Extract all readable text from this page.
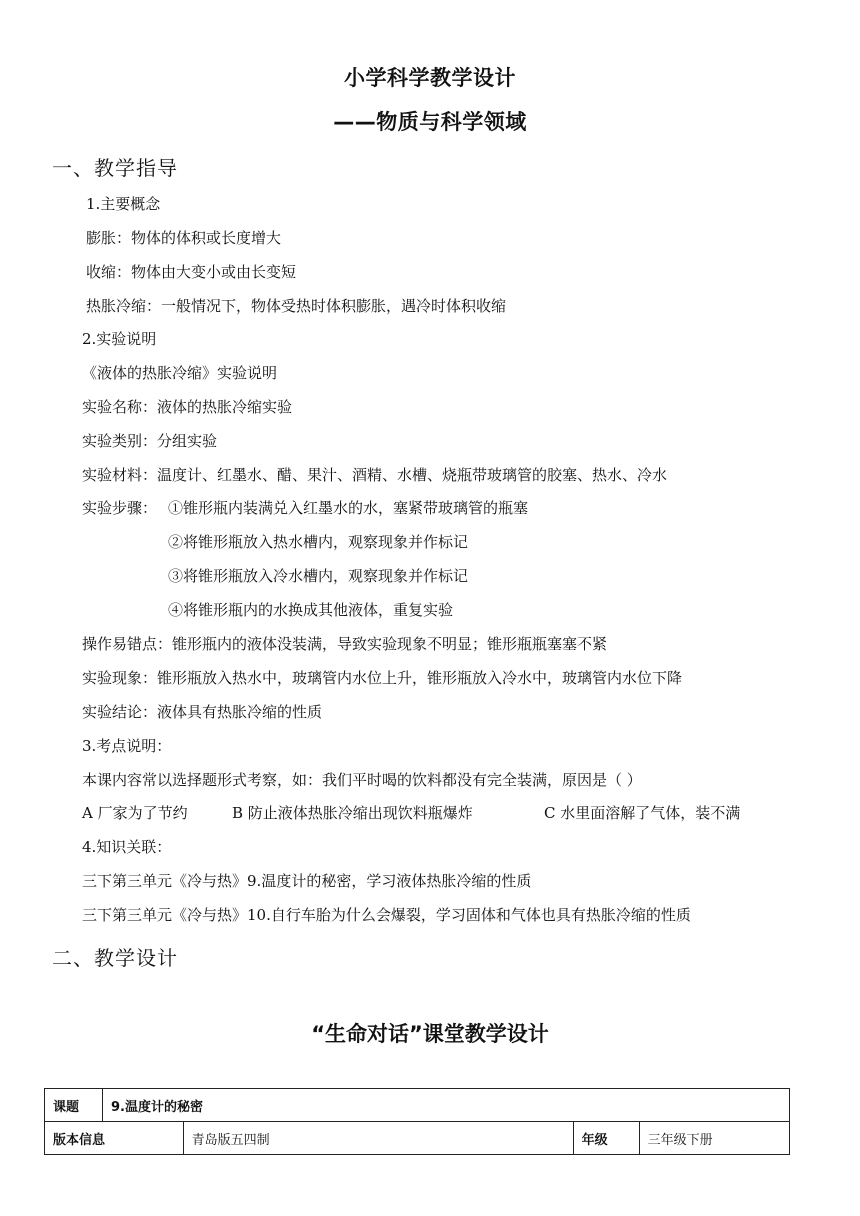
小学科学教学设计
——物质与科学领域
一、教学指导
1.主要概念
膨胀：物体的体积或长度增大
收缩：物体由大变小或由长变短
热胀冷缩：一般情况下，物体受热时体积膨胀，遇冷时体积收缩
2.实验说明
《液体的热胀冷缩》实验说明
实验名称：液体的热胀冷缩实验
实验类别：分组实验
实验材料：温度计、红墨水、醋、果汁、酒精、水槽、烧瓶带玻璃管的胶塞、热水、冷水
实验步骤： ①锥形瓶内装满兑入红墨水的水，塞紧带玻璃管的瓶塞
②将锥形瓶放入热水槽内，观察现象并作标记
③将锥形瓶放入冷水槽内，观察现象并作标记
④将锥形瓶内的水换成其他液体，重复实验
操作易错点：锥形瓶内的液体没装满，导致实验现象不明显；锥形瓶瓶塞塞不紧
实验现象：锥形瓶放入热水中，玻璃管内水位上升，锥形瓶放入冷水中，玻璃管内水位下降
实验结论：液体具有热胀冷缩的性质
3.考点说明：
本课内容常以选择题形式考察，如：我们平时喝的饮料都没有完全装满，原因是（ ）
A 厂家为了节约	B 防止液体热胀冷缩出现饮料瓶爆炸	C 水里面溶解了气体，装不满
4.知识关联：
三下第三单元《冷与热》9.温度计的秘密，学习液体热胀冷缩的性质
三下第三单元《冷与热》10.自行车胎为什么会爆裂，学习固体和气体也具有热胀冷缩的性质
二、教学设计
“生命对话”课堂教学设计
课题	9.温度计的秘密			
版本信息		青岛版五四制	年级	三年级下册
